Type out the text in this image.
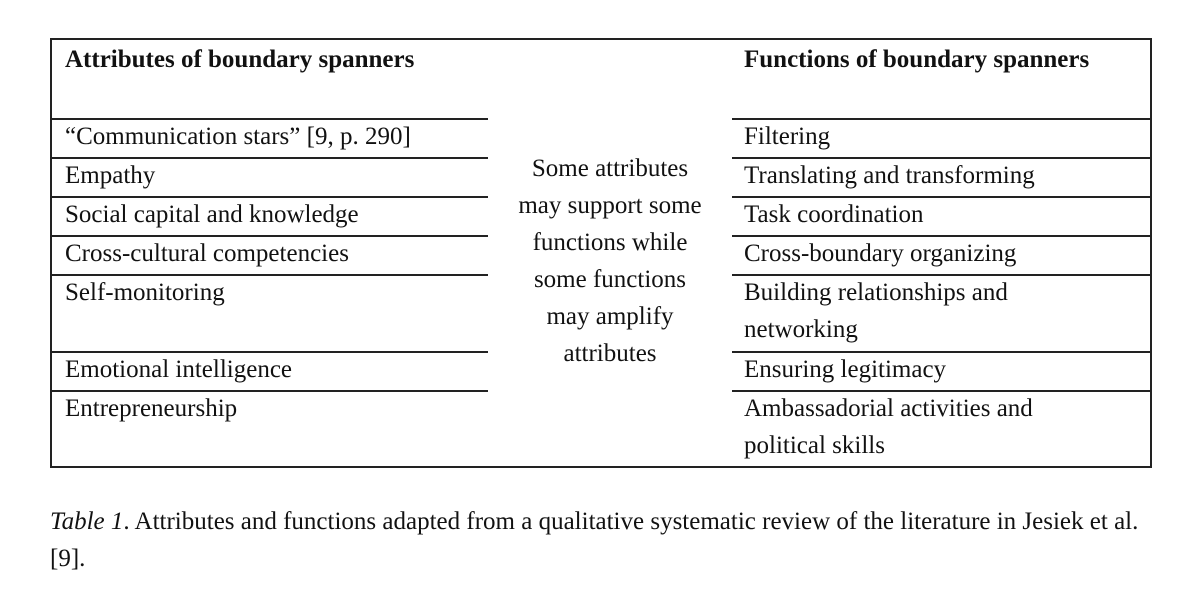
Attributes of boundary spanners	Functions of boundary spanners
“Communication stars” [9, p. 290]
Empathy
Social capital and knowledge
Cross-cultural competencies
Self-monitoring
Emotional intelligence
Entrepreneurship
Filtering
Translating and transforming
Task coordination
Cross-boundary organizing
Building relationships and
networking
Ensuring legitimacy
Ambassadorial activities and
political skills
Some attributes
may support some
functions while
some functions
may amplify
attributes
Table 1. Attributes and functions adapted from a qualitative systematic review of the literature in Jesiek et al. [9].
